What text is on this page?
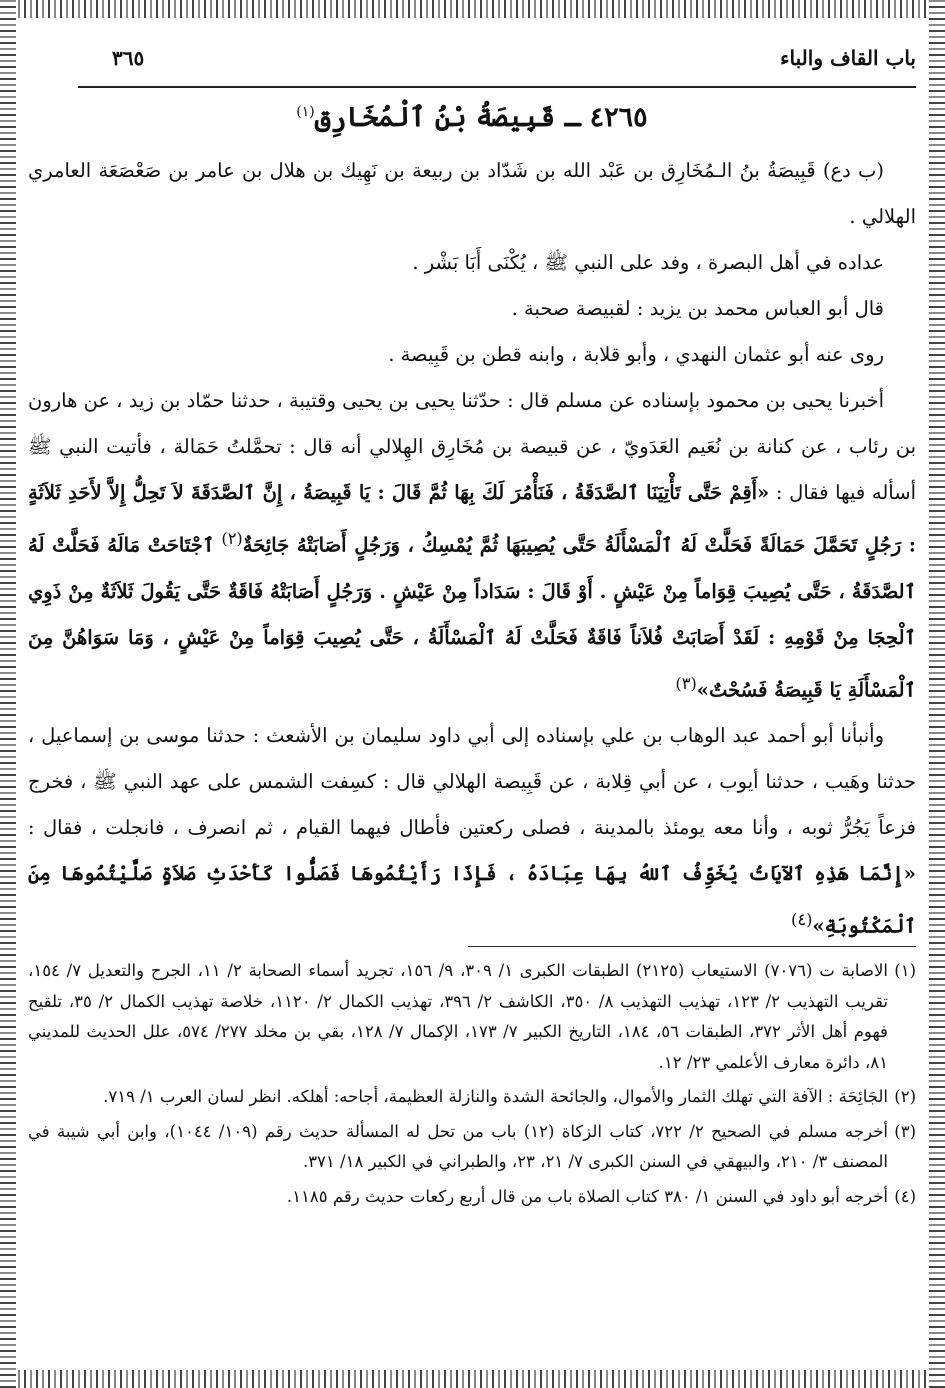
باب القاف والباء
٣٦٥
٤٢٦٥ ـ قَبِيصَةُ بْنُ ٱلْمُخَارِق$^{(١)}$

(ب دع) قَبِيصَةُ بنُ الـمُخَارِق بن عَبْد الله بن شَدّاد بن ربيعة بن نَهِيك بن هلال بن عامر بن صَعْصَعَة العامري الهلالي .

عداده في أهل البصرة ، وفد على النبي ﷺ ، يُكْنَى أَبَا بَشْر .

قال أبو العباس محمد بن يزيد : لقبيصة صحبة .

روى عنه أبو عثمان النهدي ، وأبو قلابة ، وابنه قطن بن قَبِيصة .

أخبرنا يحيى بن محمود بإسناده عن مسلم قال : حدّثنا يحيى بن يحيى وقتيبة ، حدثنا حمّاد بن زيد ، عن هارون بن رئاب ، عن كنانة بن نُعَيم العَدَويّ ، عن قبيصة بن مُخَارِق الهِلالي أنه قال : تحمَّلتُ حَمَالة ، فأتيت النبي ﷺ أسأله فيها فقال : «أَقِمْ حَتَّى تَأْتِيَنَا ٱلصَّدَقَةُ ، فَنَأْمُرَ لَكَ بِهَا ثُمَّ قَالَ : يَا قَبِيصَةُ ، إِنَّ ٱلصَّدَقَةَ لاَ تَحِلُّ إِلاَّ لأَحَدِ ثَلاَثَةٍ : رَجُلٍ تَحَمَّلَ حَمَالَةً فَحَلَّتْ لَهُ ٱلْمَسْأَلَةُ حَتَّى يُصِيبَهَا ثُمَّ يُمْسِكُ ، وَرَجُلٍ أَصَابَتْهُ جَائِحَةٌ$^{(٢)}$ ٱجْتَاحَتْ مَالَهُ فَحَلَّتْ لَهُ ٱلصَّدَقَةُ ، حَتَّى يُصِيبَ قِوَاماً مِنْ عَيْشٍ . أَوْ قَالَ : سَدَاداً مِنْ عَيْشٍ . وَرَجُلٍ أَصَابَتْهُ فَاقَةٌ حَتَّى يَقُولَ ثَلاَثَةٌ مِنْ ذَوِي ٱلْحِجَا مِنْ قَوْمِهِ : لَقَدْ أَصَابَتْ فُلاَناً فَاقَةٌ فَحَلَّتْ لَهُ ٱلْمَسْأَلَةُ ، حَتَّى يُصِيبَ قِوَاماً مِنْ عَيْشٍ ، وَمَا سَوَاهُنَّ مِنَ ٱلْمَسْأَلَةِ يَا قَبِيصَةُ فَسُحْتٌ»$^{(٣)}$

وأنبأنا أبو أحمد عبد الوهاب بن علي بإسناده إلى أبي داود سليمان بن الأشعث : حدثنا موسى بن إسماعيل ، حدثنا وهَيب ، حدثنا أيوب ، عن أبي قِلابة ، عن قَبِيصة الهلالي قال : كسِفت الشمس على عهد النبي ﷺ ، فخرج فزعاً يَجُرُّ ثوبه ، وأنا معه يومئذ بالمدينة ، فصلى ركعتين فأطال فيهما القيام ، ثم انصرف ، فانجلت ، فقال : «إِنَّمَا هَذِهِ ٱلآيَاتُ يُخَوِّفُ ٱللهُ بِهَا عِبَادَهُ ، فَإِذَا رَأَيْتُمُوهَا فَصَلُّوا كَأَحْدَثِ صَلاَةٍ صَلَّيْتُمُوهَا مِنَ ٱلْمَكْتُوبَةِ»$^{(٤)}$

(١)
الاصابة ت (٧٠٧٦) الاستيعاب (٢١٢٥) الطبقات الكبرى ١/ ٣٠٩، ٩/ ١٥٦، تجريد أسماء الصحابة ٢/ ١١، الجرح والتعديل ٧/ ١٥٤، تقريب التهذيب ٢/ ١٢٣، تهذيب التهذيب ٨/ ٣٥٠، الكاشف ٢/ ٣٩٦، تهذيب الكمال ٢/ ١١٢٠، خلاصة تهذيب الكمال ٢/ ٣٥، تلقيح فهوم أهل الأثر ٣٧٢، الطبقات ٥٦، ١٨٤، التاريخ الكبير ٧/ ١٧٣، الإكمال ٧/ ١٢٨، بقي بن مخلد ٢٧٧/ ٥٧٤، علل الحديث للمديني ٨١، دائرة معارف الأعلمي ٢٣/ ١٢.

(٢)
الجَائِحَة : الآفة التي تهلك الثمار والأموال، والجائحة الشدة والنازلة العظيمة، أجاحه: أهلكه. انظر لسان العرب ١/ ٧١٩.

(٣)
أخرجه مسلم في الصحيح ٢/ ٧٢٢، كتاب الزكاة (١٢) باب من تحل له المسألة حديث رقم (١٠٩/ ١٠٤٤)، وابن أبي شيبة في المصنف ٣/ ٢١٠، والبيهقي في السنن الكبرى ٧/ ٢١، ٢٣، والطبراني في الكبير ١٨/ ٣٧١.

(٤)
أخرجه أبو داود في السنن ١/ ٣٨٠ كتاب الصلاة باب من قال أربع ركعات حديث رقم ١١٨٥.
